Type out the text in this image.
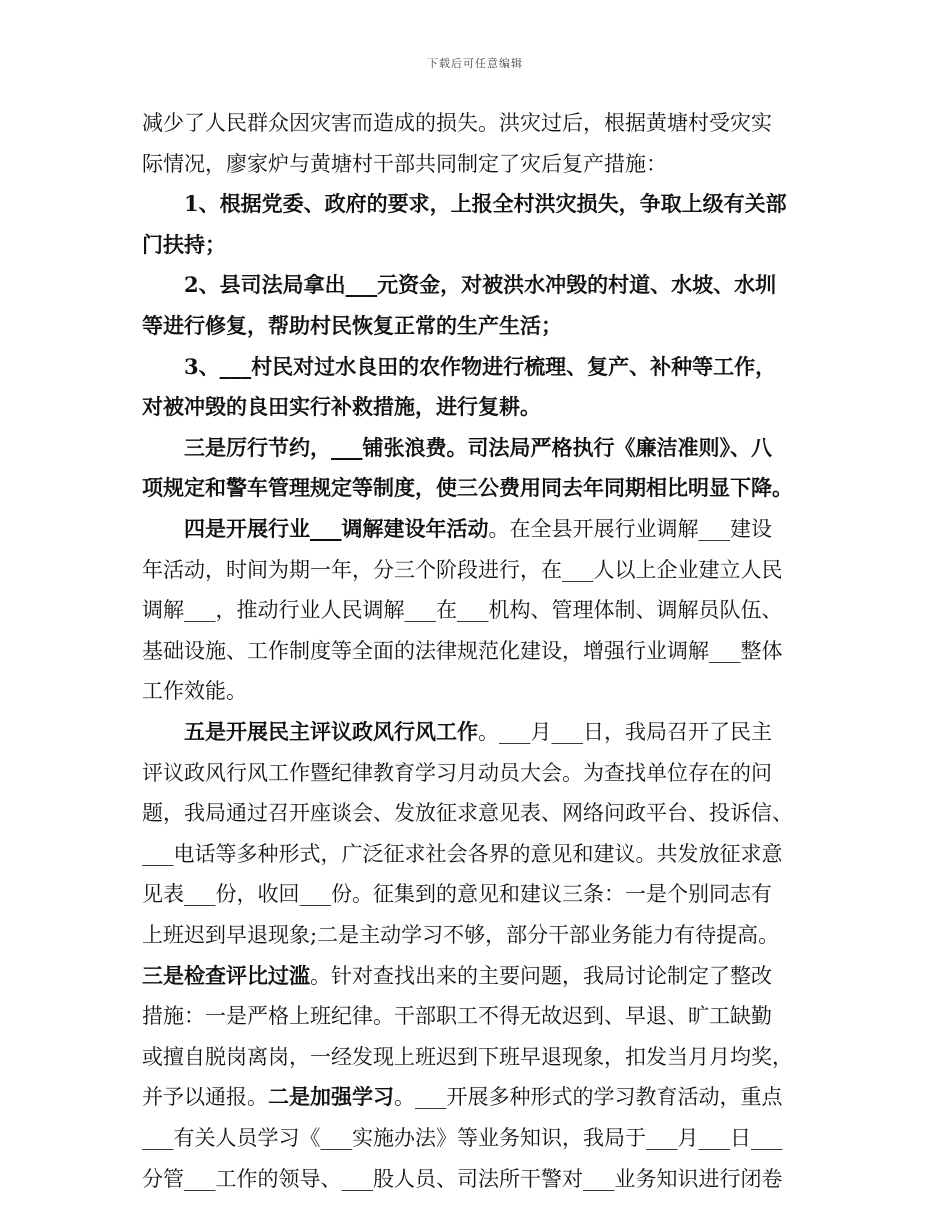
下载后可任意编辑
减少了人民群众因灾害而造成的损失。洪灾过后，根据黄塘村受灾实
际情况，廖家炉与黄塘村干部共同制定了灾后复产措施：
　　1、根据党委、政府的要求，上报全村洪灾损失，争取上级有关部
门扶持；
　　2、县司法局拿出___元资金，对被洪水冲毁的村道、水坡、水圳
等进行修复，帮助村民恢复正常的生产生活；
　　3、___村民对过水良田的农作物进行梳理、复产、补种等工作，
对被冲毁的良田实行补救措施，进行复耕。
　　三是厉行节约，___铺张浪费。司法局严格执行《廉洁准则》、八
项规定和警车管理规定等制度，使三公费用同去年同期相比明显下降。
　　四是开展行业___调解建设年活动。在全县开展行业调解___建设
年活动，时间为期一年，分三个阶段进行，在___人以上企业建立人民
调解___，推动行业人民调解___在___机构、管理体制、调解员队伍、
基础设施、工作制度等全面的法律规范化建设，增强行业调解___整体
工作效能。
　　五是开展民主评议政风行风工作。___月___日，我局召开了民主
评议政风行风工作暨纪律教育学习月动员大会。为查找单位存在的问
题，我局通过召开座谈会、发放征求意见表、网络问政平台、投诉信、
___电话等多种形式，广泛征求社会各界的意见和建议。共发放征求意
见表___份，收回___份。征集到的意见和建议三条：一是个别同志有
上班迟到早退现象;二是主动学习不够，部分干部业务能力有待提高。
三是检查评比过滥。针对查找出来的主要问题，我局讨论制定了整改
措施：一是严格上班纪律。干部职工不得无故迟到、早退、旷工缺勤
或擅自脱岗离岗，一经发现上班迟到下班早退现象，扣发当月月均奖，
并予以通报。二是加强学习。___开展多种形式的学习教育活动，重点
___有关人员学习《___实施办法》等业务知识，我局于___月___日___
分管___工作的领导、___股人员、司法所干警对___业务知识进行闭卷
